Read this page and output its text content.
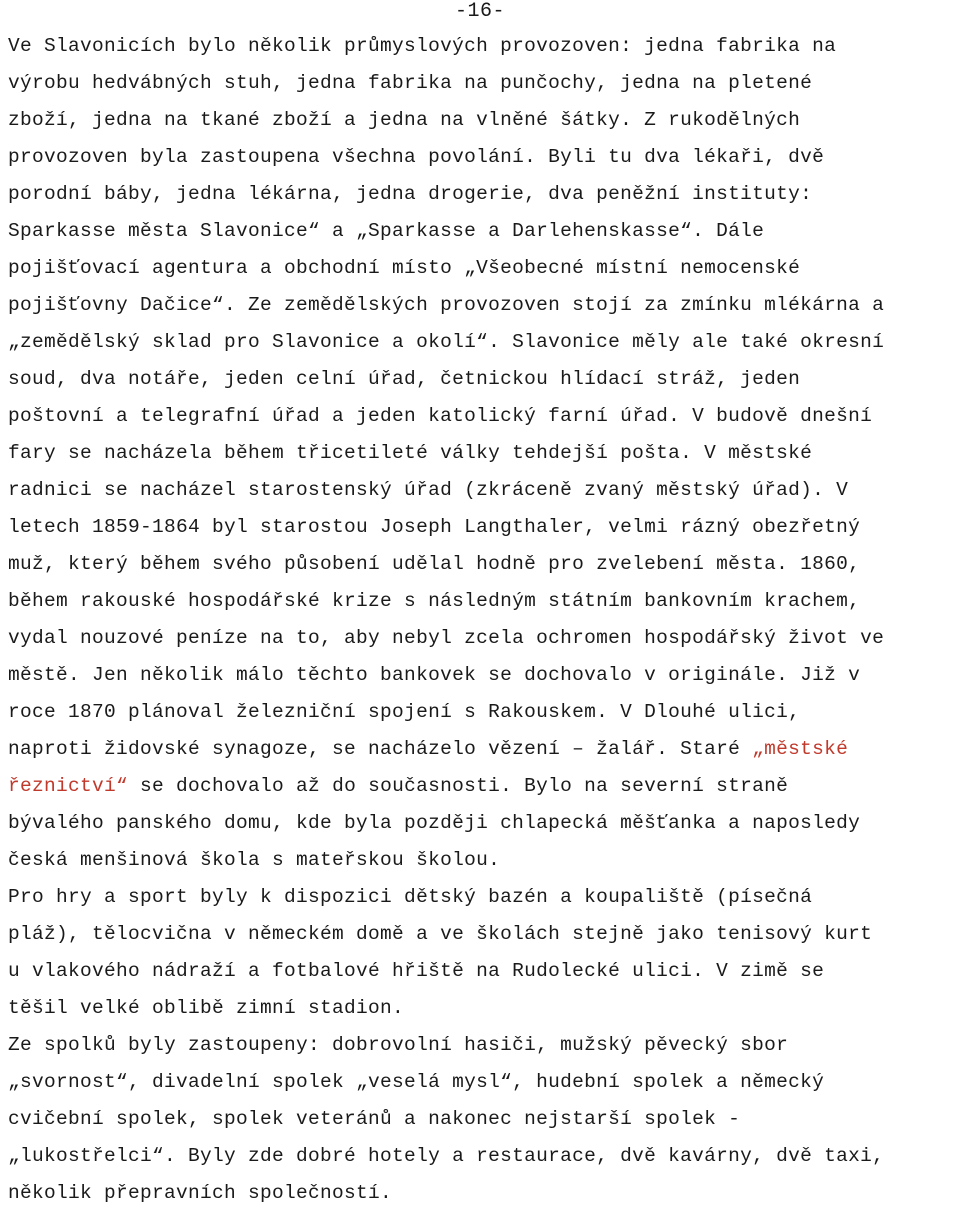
-16-
Ve Slavonicích bylo několik průmyslových provozoven: jedna fabrika na
výrobu hedvábných stuh, jedna fabrika na punčochy, jedna na pletené
zboží, jedna na tkané zboží a jedna na vlněné šátky. Z rukodělných
provozoven byla zastoupena všechna povolání. Byli tu dva lékaři, dvě
porodní báby, jedna lékárna, jedna drogerie, dva peněžní instituty:
Sparkasse města Slavonice“ a „Sparkasse a Darlehenskasse“. Dále
pojišťovací agentura a obchodní místo „Všeobecné místní nemocenské
pojišťovny Dačice“. Ze zemědělských provozoven stojí za zmínku mlékárna a
„zemědělský sklad pro Slavonice a okolí“. Slavonice měly ale také okresní
soud, dva notáře, jeden celní úřad, četnickou hlídací stráž, jeden
poštovní a telegrafní úřad a jeden katolický farní úřad. V budově dnešní
fary se nacházela během třicetileté války tehdejší pošta. V městské
radnici se nacházel starostenský úřad (zkráceně zvaný městský úřad). V
letech 1859-1864 byl starostou Joseph Langthaler, velmi rázný obezřetný
muž, který během svého působení udělal hodně pro zvelebení města. 1860,
během rakouské hospodářské krize s následným státním bankovním krachem,
vydal nouzové peníze na to, aby nebyl zcela ochromen hospodářský život ve
městě. Jen několik málo těchto bankovek se dochovalo v originále. Již v
roce 1870 plánoval železniční spojení s Rakouskem. V Dlouhé ulici,
naproti židovské synagoze, se nacházelo vězení – žalář. Staré „městské
řeznictví“ se dochovalo až do současnosti. Bylo na severní straně
bývalého panského domu, kde byla později chlapecká měšťanka a naposledy
česká menšinová škola s mateřskou školou.
Pro hry a sport byly k dispozici dětský bazén a koupaliště (písečná
pláž), tělocvična v německém domě a ve školách stejně jako tenisový kurt
u vlakového nádraží a fotbalové hřiště na Rudolecké ulici. V zimě se
těšil velké oblibě zimní stadion.
Ze spolků byly zastoupeny: dobrovolní hasiči, mužský pěvecký sbor
„svornost“, divadelní spolek „veselá mysl“, hudební spolek a německý
cvičební spolek, spolek veteránů a nakonec nejstarší spolek -
„lukostřelci“. Byly zde dobré hotely a restaurace, dvě kavárny, dvě taxi,
několik přepravních společností.
